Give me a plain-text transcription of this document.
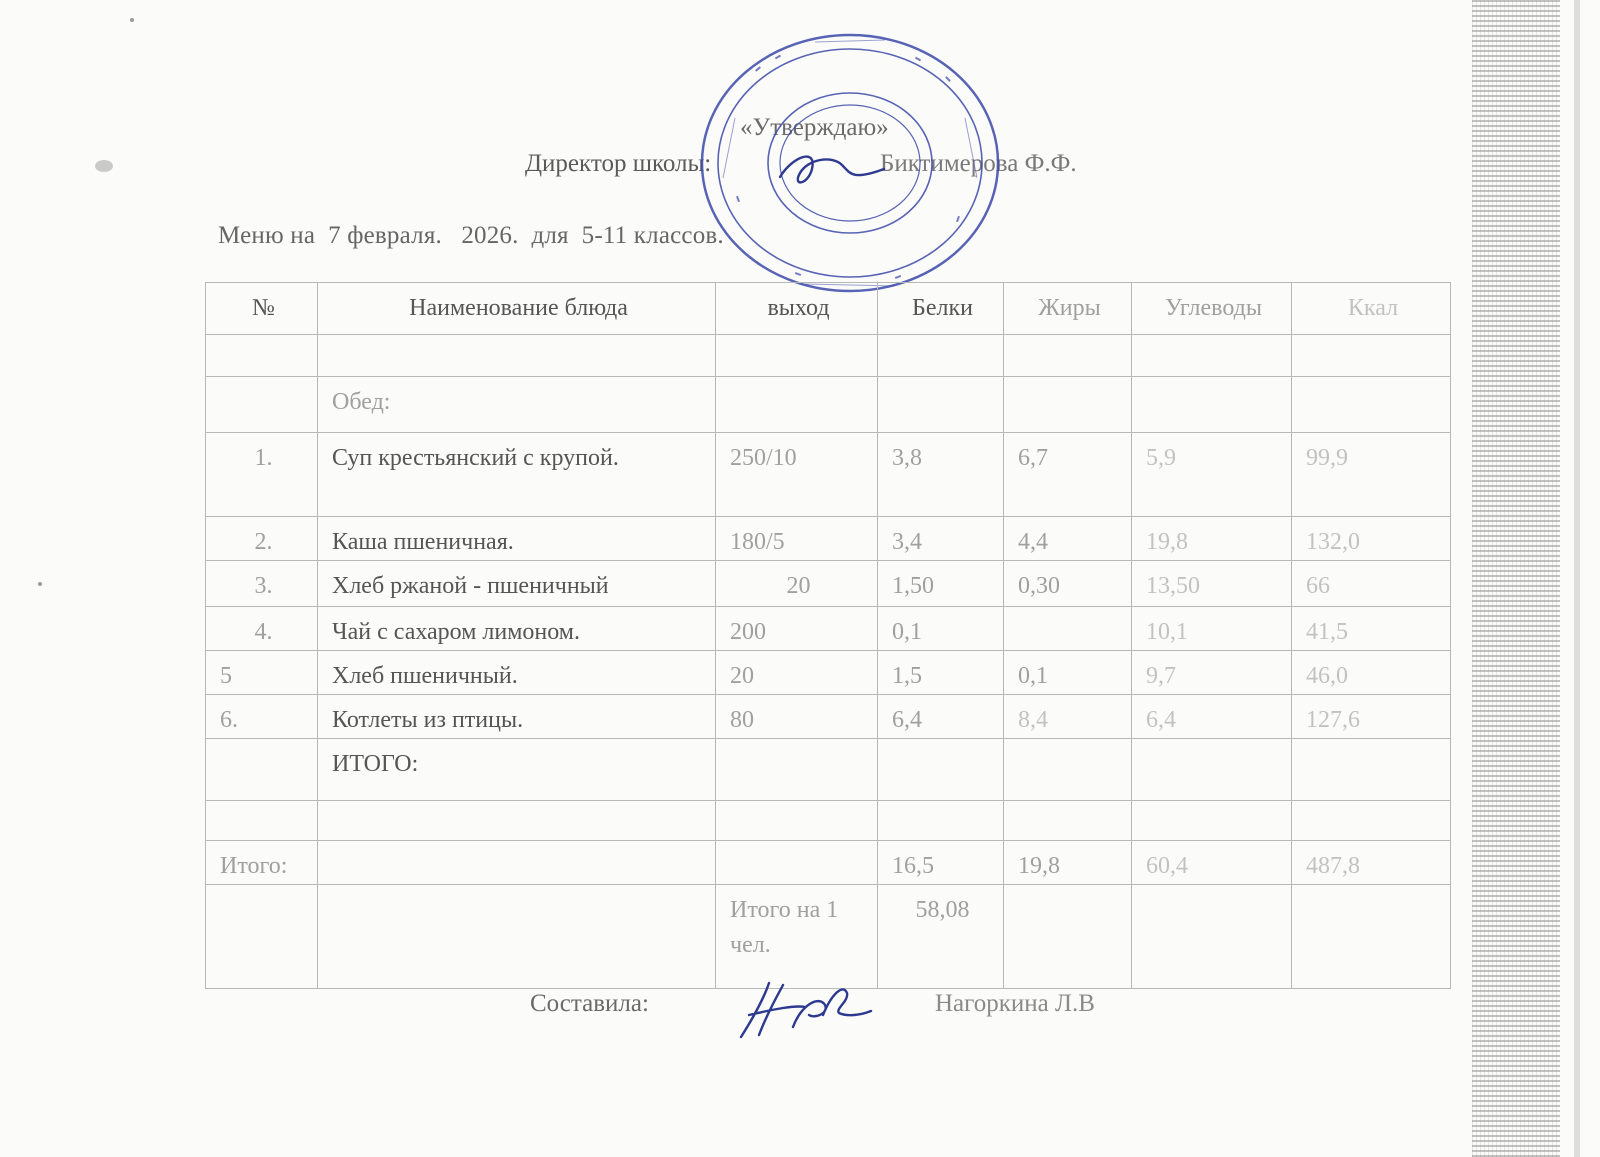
«Утверждаю»
Директор школы:	Биктимерова Ф.Ф.
Меню на  7 февраля.   2026.  для  5-11 классов.
№	Наименование блюда	выход	Белки	Жиры	Углеводы	Ккал

	Обед:					
1.	Суп крестьянский с крупой.	250/10	3,8	6,7	5,9	99,9
2.	Каша пшеничная.	180/5	3,4	4,4	19,8	132,0
3.	Хлеб ржаной - пшеничный	20	1,50	0,30	13,50	66
4.	Чай с сахаром лимоном.	200	0,1		10,1	41,5
5	Хлеб пшеничный.	20	1,5	0,1	9,7	46,0
6.	Котлеты из птицы.	80	6,4	8,4	6,4	127,6
	ИТОГО:					

Итого:			16,5	19,8	60,4	487,8
		Итого на 1 чел.	58,08			
Составила:	Нагоркина Л.В
